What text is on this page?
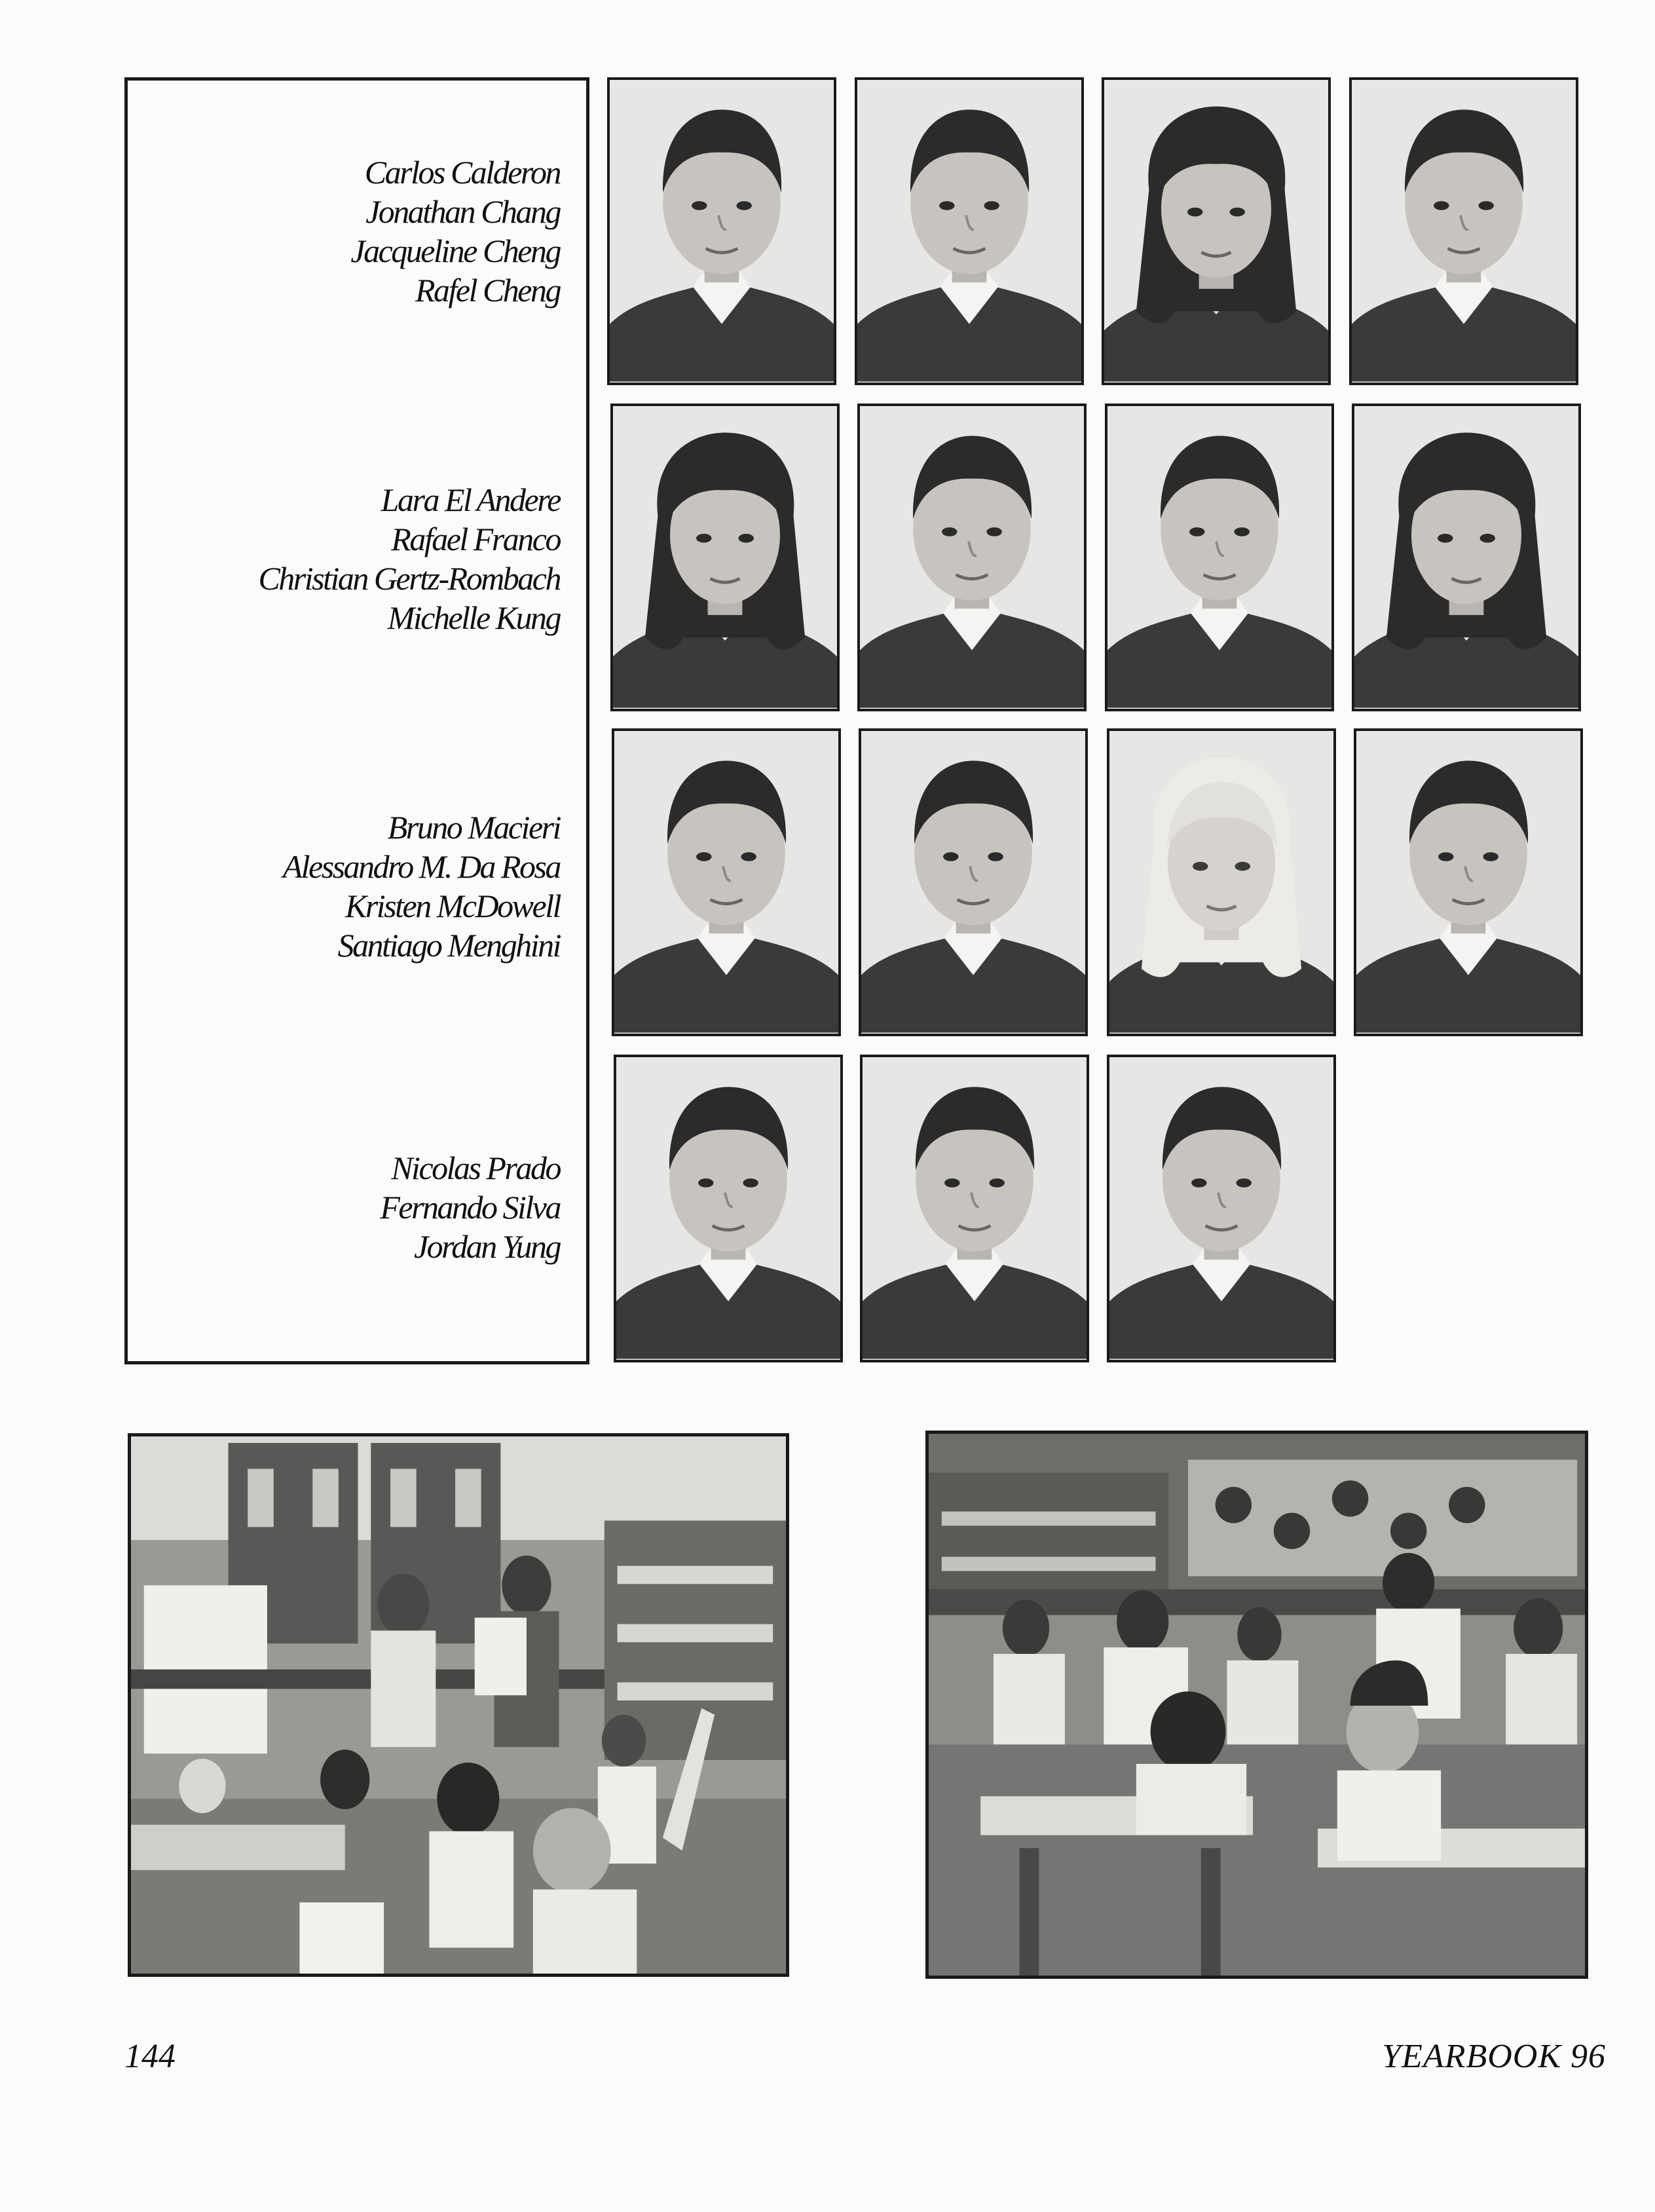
Carlos Calderon
Jonathan Chang
Jacqueline Cheng
Rafel Cheng
Lara El Andere
Rafael Franco
Christian Gertz-Rombach
Michelle Kung
Bruno Macieri
Alessandro M. Da Rosa
Kristen McDowell
Santiago Menghini
Nicolas Prado
Fernando Silva
Jordan Yung
144	YEARBOOK 96
